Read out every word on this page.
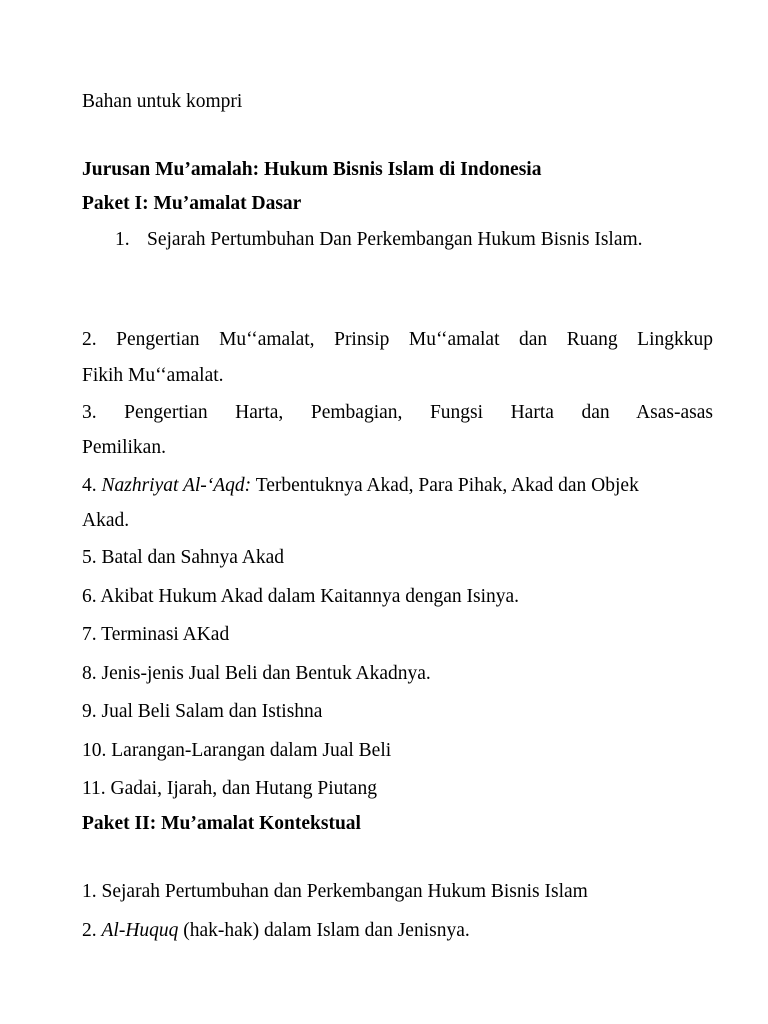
Bahan untuk kompri
Jurusan Mu’amalah: Hukum Bisnis Islam di Indonesia
Paket I: Mu’amalat Dasar
1. Sejarah Pertumbuhan Dan Perkembangan Hukum Bisnis Islam.
2. Pengertian Mu‘‘amalat, Prinsip Mu‘‘amalat dan Ruang Lingkkup
Fikih Mu‘‘amalat.
3. Pengertian Harta, Pembagian, Fungsi Harta dan Asas-asas
Pemilikan.
4. Nazhriyat Al-‘Aqd: Terbentuknya Akad, Para Pihak, Akad dan Objek
Akad.
5. Batal dan Sahnya Akad
6. Akibat Hukum Akad dalam Kaitannya dengan Isinya.
7. Terminasi AKad
8. Jenis-jenis Jual Beli dan Bentuk Akadnya.
9. Jual Beli Salam dan Istishna
10. Larangan-Larangan dalam Jual Beli
11. Gadai, Ijarah, dan Hutang Piutang
Paket II: Mu’amalat Kontekstual
1. Sejarah Pertumbuhan dan Perkembangan Hukum Bisnis Islam
2. Al-Huquq (hak-hak) dalam Islam dan Jenisnya.
